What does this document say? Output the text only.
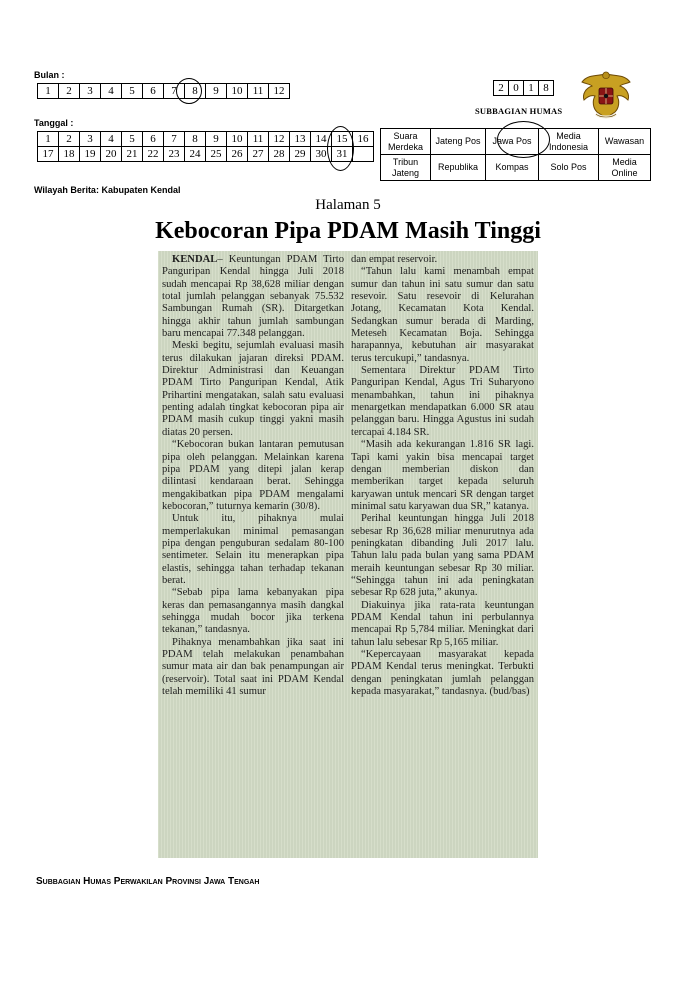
Bulan :
1	2	3	4	5	6	7	8	9	10	11	12
Tanggal :
1	2	3	4	5	6	7	8	9	10	11	12	13	14	15	16
17	18	19	20	21	22	23	24	25	26	27	28	29	30	31	
Wilayah Berita: Kabupaten Kendal
2	0	1	8
SUBBAGIAN HUMAS
Suara Merdeka	Jateng Pos	Jawa Pos	Media Indonesia	Wawasan
Tribun Jateng	Republika	Kompas	Solo Pos	Media Online
Halaman 5
Kebocoran Pipa PDAM Masih Tinggi

KENDAL– Keuntungan PDAM Tirto Panguripan Kendal hingga Juli 2018 sudah mencapai Rp 38,628 miliar dengan total jumlah pelanggan sebanyak 75.532 Sambungan Rumah (SR). Ditargetkan hingga akhir tahun jumlah sambungan baru mencapai 77.348 pelanggan.

Meski begitu, sejumlah evaluasi masih terus dilakukan jajaran direksi PDAM. Direktur Administrasi dan Keuangan PDAM Tirto Panguripan Kendal, Atik Prihartini mengatakan, salah satu evaluasi penting adalah tingkat kebocoran pipa air PDAM masih cukup tinggi yakni masih diatas 20 persen.

“Kebocoran bukan lantaran pemutusan pipa oleh pelanggan. Melainkan karena pipa PDAM yang ditepi jalan kerap dilintasi kendaraan berat. Sehingga mengakibatkan pipa PDAM mengalami kebocoran,” tuturnya kemarin (30/8).

Untuk itu, pihaknya mulai memperlakukan minimal pemasangan pipa dengan penguburan sedalam 80-100 sentimeter. Selain itu menerapkan pipa elastis, sehingga tahan terhadap tekanan berat.

“Sebab pipa lama kebanyakan pipa keras dan pemasangannya masih dangkal sehingga mudah bocor jika terkena tekanan,” tandasnya.

Pihaknya menambahkan jika saat ini PDAM telah melakukan penambahan sumur mata air dan bak penampungan air (reservoir). Total saat ini PDAM Kendal telah memiliki 41 sumur

dan empat reservoir.

“Tahun lalu kami menambah empat sumur dan tahun ini satu sumur dan satu resevoir. Satu resevoir di Kelurahan Jotang, Kecamatan Kota Kendal. Sedangkan sumur berada di Marding, Meteseh Kecamatan Boja. Sehingga harapannya, kebutuhan air masyarakat terus tercukupi,” tandasnya.

Sementara Direktur PDAM Tirto Panguripan Kendal, Agus Tri Suharyono menambahkan, tahun ini pihaknya menargetkan mendapatkan 6.000 SR atau pelanggan baru. Hingga Agustus ini sudah tercapai 4.184 SR.

“Masih ada kekurangan 1.816 SR lagi. Tapi kami yakin bisa mencapai target dengan memberian diskon dan memberikan target kepada seluruh karyawan untuk mencari SR dengan target minimal satu karyawan dua SR,” katanya.

Perihal keuntungan hingga Juli 2018 sebesar Rp 36,628 miliar menurutnya ada peningkatan dibanding Juli 2017 lalu. Tahun lalu pada bulan yang sama PDAM meraih keuntungan sebesar Rp 30 miliar. “Sehingga tahun ini ada peningkatan sebesar Rp 628 juta,” akunya.

Diakuinya jika rata-rata keuntungan PDAM Kendal tahun ini perbulannya mencapai Rp 5,784 miliar. Meningkat dari tahun lalu sebesar Rp 5,165 miliar.

“Kepercayaan masyarakat kepada PDAM Kendal terus meningkat. Terbukti dengan peningkatan jumlah pelanggan kepada masyarakat,” tandasnya. (bud/bas)

Subbagian Humas Perwakilan Provinsi Jawa Tengah
